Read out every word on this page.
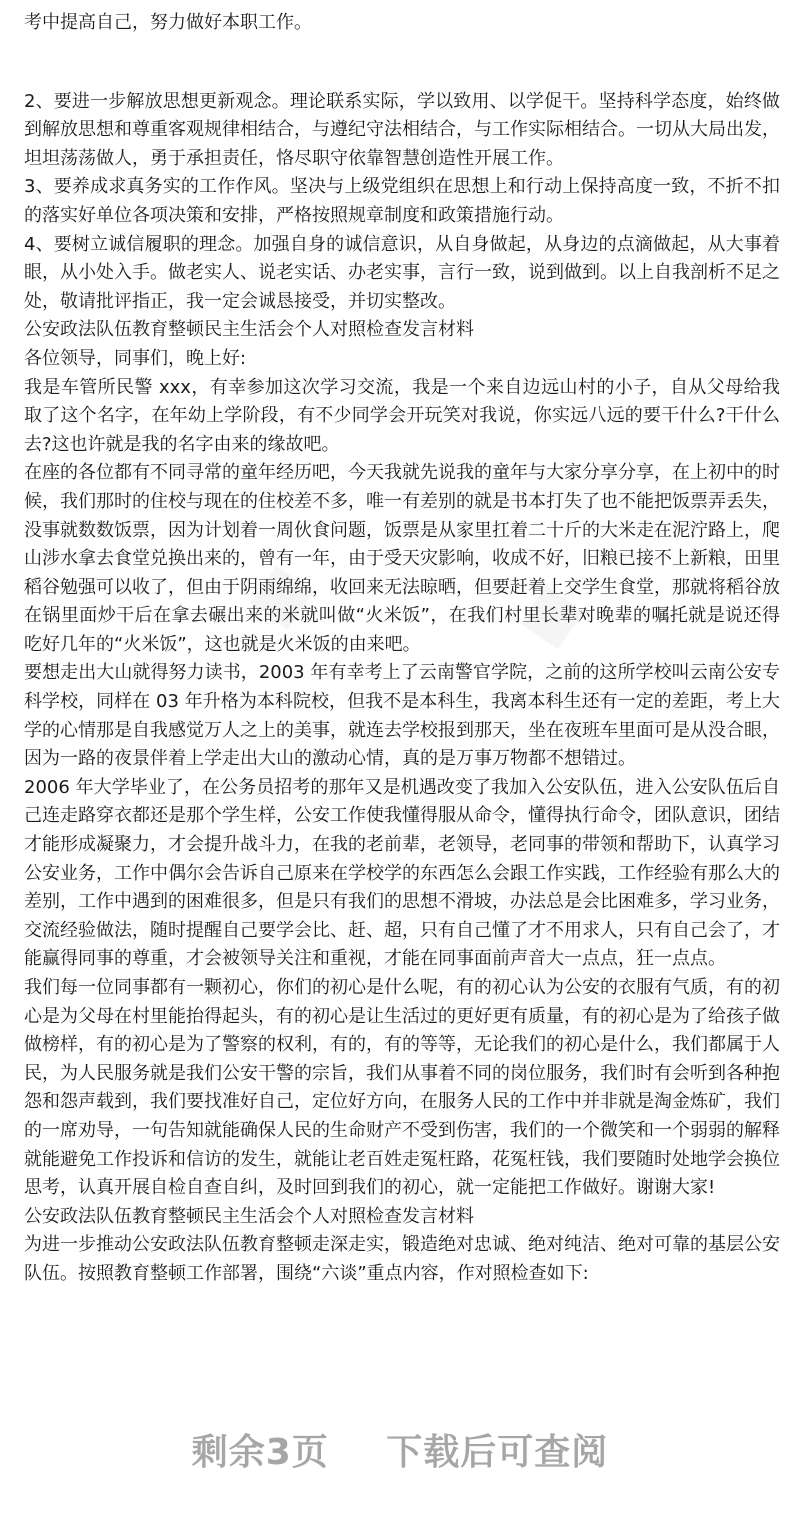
考中提高自己，努力做好本职工作。

2、要进一步解放思想更新观念。理论联系实际，学以致用、以学促干。坚持科学态度，始终做到解放思想和尊重客观规律相结合，与遵纪守法相结合，与工作实际相结合。一切从大局出发，坦坦荡荡做人，勇于承担责任，恪尽职守依靠智慧创造性开展工作。

3、要养成求真务实的工作作风。坚决与上级党组织在思想上和行动上保持高度一致，不折不扣的落实好单位各项决策和安排，严格按照规章制度和政策措施行动。

4、要树立诚信履职的理念。加强自身的诚信意识，从自身做起，从身边的点滴做起，从大事着眼，从小处入手。做老实人、说老实话、办老实事，言行一致，说到做到。以上自我剖析不足之处，敬请批评指正，我一定会诚恳接受，并切实整改。

公安政法队伍教育整顿民主生活会个人对照检查发言材料

各位领导，同事们，晚上好:

我是车管所民警 xxx，有幸参加这次学习交流，我是一个来自边远山村的小子，自从父母给我取了这个名字，在年幼上学阶段，有不少同学会开玩笑对我说，你实远八远的要干什么?干什么去?这也许就是我的名字由来的缘故吧。

在座的各位都有不同寻常的童年经历吧，今天我就先说我的童年与大家分享分享，在上初中的时候，我们那时的住校与现在的住校差不多，唯一有差别的就是书本打失了也不能把饭票弄丢失，没事就数数饭票，因为计划着一周伙食问题，饭票是从家里扛着二十斤的大米走在泥泞路上，爬山涉水拿去食堂兑换出来的，曾有一年，由于受天灾影响，收成不好，旧粮已接不上新粮，田里稻谷勉强可以收了，但由于阴雨绵绵，收回来无法晾晒，但要赶着上交学生食堂，那就将稻谷放在锅里面炒干后在拿去碾出来的米就叫做“火米饭”，在我们村里长辈对晚辈的嘱托就是说还得吃好几年的“火米饭”，这也就是火米饭的由来吧。

要想走出大山就得努力读书，2003 年有幸考上了云南警官学院，之前的这所学校叫云南公安专科学校，同样在 03 年升格为本科院校，但我不是本科生，我离本科生还有一定的差距，考上大学的心情那是自我感觉万人之上的美事，就连去学校报到那天，坐在夜班车里面可是从没合眼，因为一路的夜景伴着上学走出大山的激动心情，真的是万事万物都不想错过。

2006 年大学毕业了，在公务员招考的那年又是机遇改变了我加入公安队伍，进入公安队伍后自己连走路穿衣都还是那个学生样，公安工作使我懂得服从命令，懂得执行命令，团队意识，团结才能形成凝聚力，才会提升战斗力，在我的老前辈，老领导，老同事的带领和帮助下，认真学习公安业务，工作中偶尔会告诉自己原来在学校学的东西怎么会跟工作实践，工作经验有那么大的差别，工作中遇到的困难很多，但是只有我们的思想不滑坡，办法总是会比困难多，学习业务，交流经验做法，随时提醒自己要学会比、赶、超，只有自己懂了才不用求人，只有自己会了，才能赢得同事的尊重，才会被领导关注和重视，才能在同事面前声音大一点点，狂一点点。

我们每一位同事都有一颗初心，你们的初心是什么呢，有的初心认为公安的衣服有气质，有的初心是为父母在村里能抬得起头，有的初心是让生活过的更好更有质量，有的初心是为了给孩子做做榜样，有的初心是为了警察的权利，有的，有的等等，无论我们的初心是什么，我们都属于人民，为人民服务就是我们公安干警的宗旨，我们从事着不同的岗位服务，我们时有会听到各种抱怨和怨声载到，我们要找准好自己，定位好方向，在服务人民的工作中并非就是淘金炼矿，我们的一席劝导，一句告知就能确保人民的生命财产不受到伤害，我们的一个微笑和一个弱弱的解释就能避免工作投诉和信访的发生，就能让老百姓走冤枉路，花冤枉钱，我们要随时处地学会换位思考，认真开展自检自查自纠，及时回到我们的初心，就一定能把工作做好。谢谢大家!

公安政法队伍教育整顿民主生活会个人对照检查发言材料

为进一步推动公安政法队伍教育整顿走深走实，锻造绝对忠诚、绝对纯洁、绝对可靠的基层公安队伍。按照教育整顿工作部署，围绕“六谈”重点内容，作对照检查如下:

剩余3页 下载后可查阅
